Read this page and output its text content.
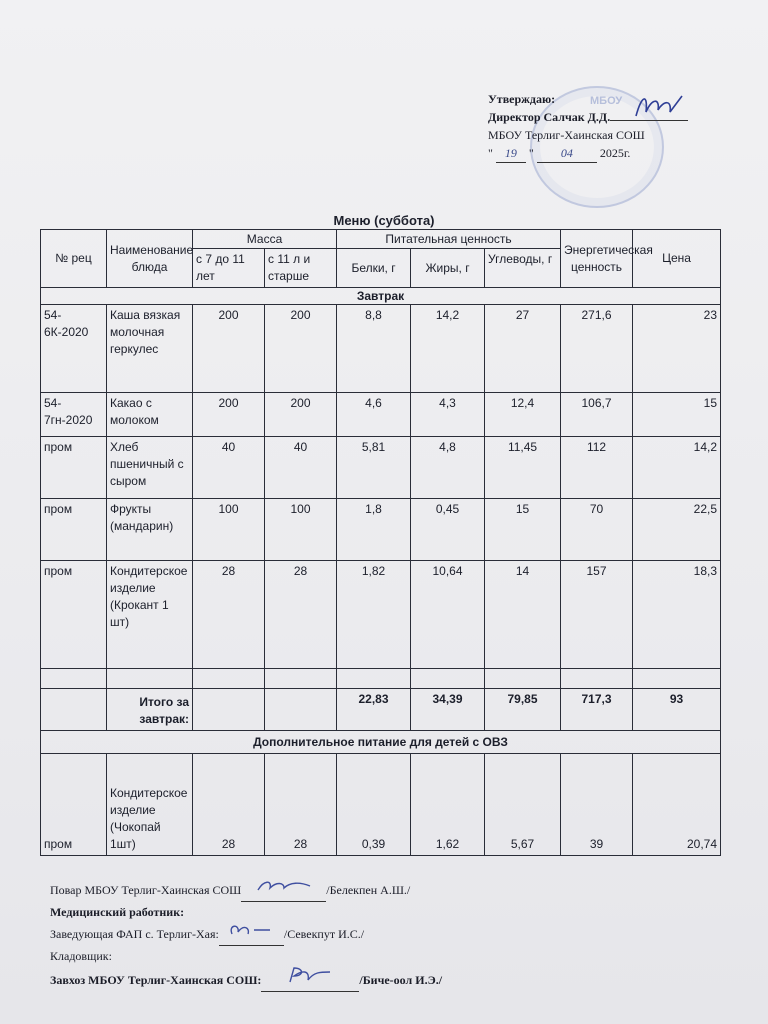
МБОУ
Утверждаю:
Директор Салчак Д.Д.
МБОУ Терлиг-Хаинская СОШ
" 19 " 04 2025г.
Меню (суббота)
№ рец	Наименование блюда	Масса		Питательная ценность			Энергетическая ценность	Цена
		с 7 до 11 лет	с 11 л и старше	Белки, г	Жиры, г	Углеводы, г		
Завтрак								
54-6К-2020	Каша вязкая молочная геркулес	200	200	8,8	14,2	27	271,6	23
54-7гн-2020	Какао с молоком	200	200	4,6	4,3	12,4	106,7	15
пром	Хлеб пшеничный с сыром	40	40	5,81	4,8	11,45	112	14,2
пром	Фрукты (мандарин)	100	100	1,8	0,45	15	70	22,5
пром	Кондитерское изделие (Крокант 1 шт)	28	28	1,82	10,64	14	157	18,3

	Итого за завтрак:			22,83	34,39	79,85	717,3	93
Дополнительное питание для детей с ОВЗ								
пром	Кондитерское изделие (Чокопай 1шт)	28	28	0,39	1,62	5,67	39	20,74
Повар МБОУ Терлиг-Хаинская СОШ	/Белекпен А.Ш./
Медицинский работник:
Заведующая ФАП с. Терлиг-Хая:	/Севекпут И.С./
Кладовщик:
Завхоз МБОУ Терлиг-Хаинская СОШ:	/Биче-оол И.Э./
